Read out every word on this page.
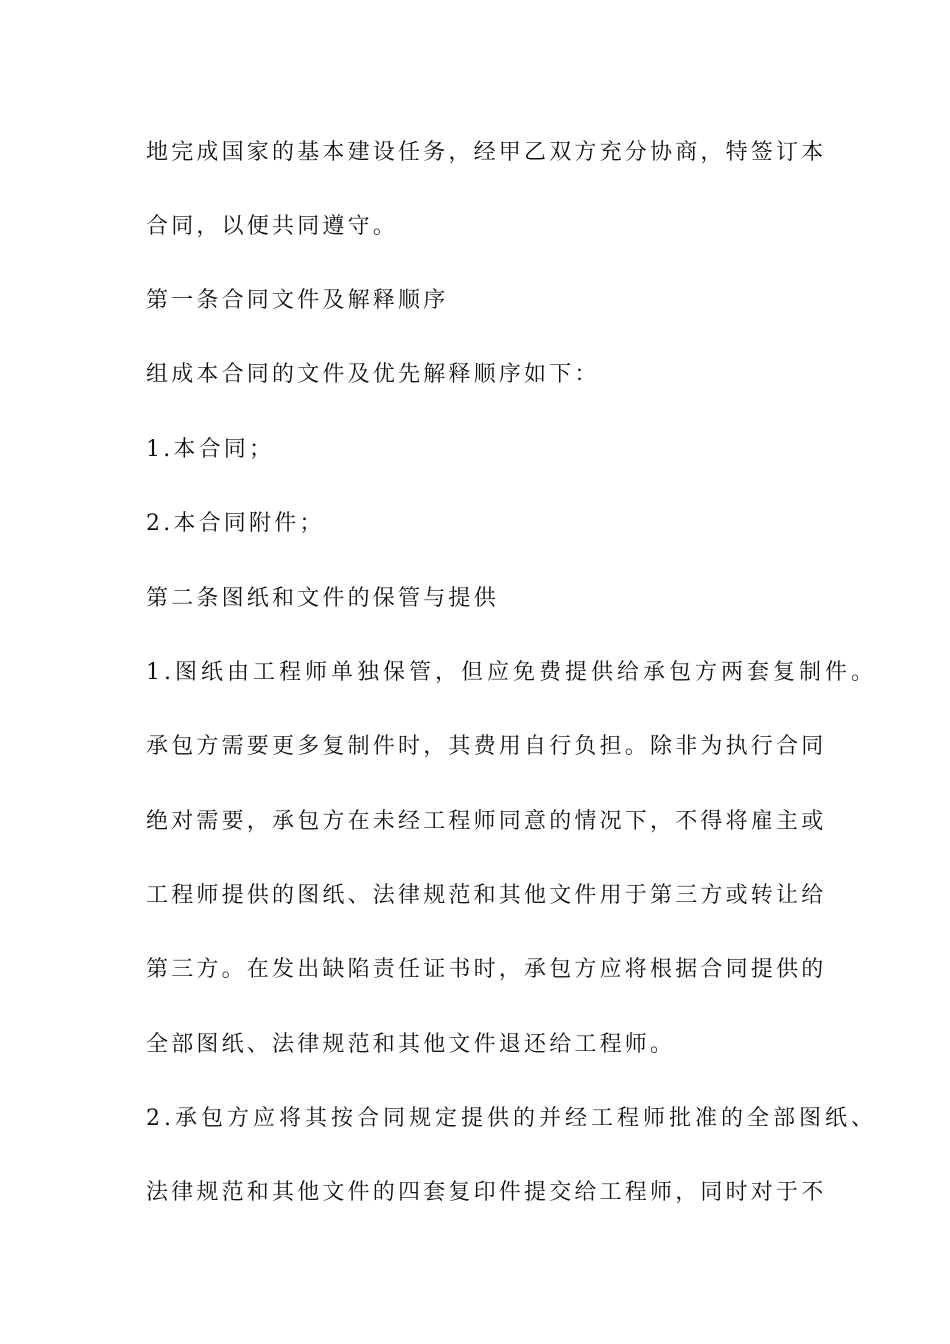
地完成国家的基本建设任务，经甲乙双方充分协商，特签订本

合同，以便共同遵守。

第一条合同文件及解释顺序

组成本合同的文件及优先解释顺序如下：

1.本合同；

2.本合同附件；

第二条图纸和文件的保管与提供

1.图纸由工程师单独保管，但应免费提供给承包方两套复制件。

承包方需要更多复制件时，其费用自行负担。除非为执行合同

绝对需要，承包方在未经工程师同意的情况下，不得将雇主或

工程师提供的图纸、法律规范和其他文件用于第三方或转让给

第三方。在发出缺陷责任证书时，承包方应将根据合同提供的

全部图纸、法律规范和其他文件退还给工程师。

2.承包方应将其按合同规定提供的并经工程师批准的全部图纸、

法律规范和其他文件的四套复印件提交给工程师，同时对于不
